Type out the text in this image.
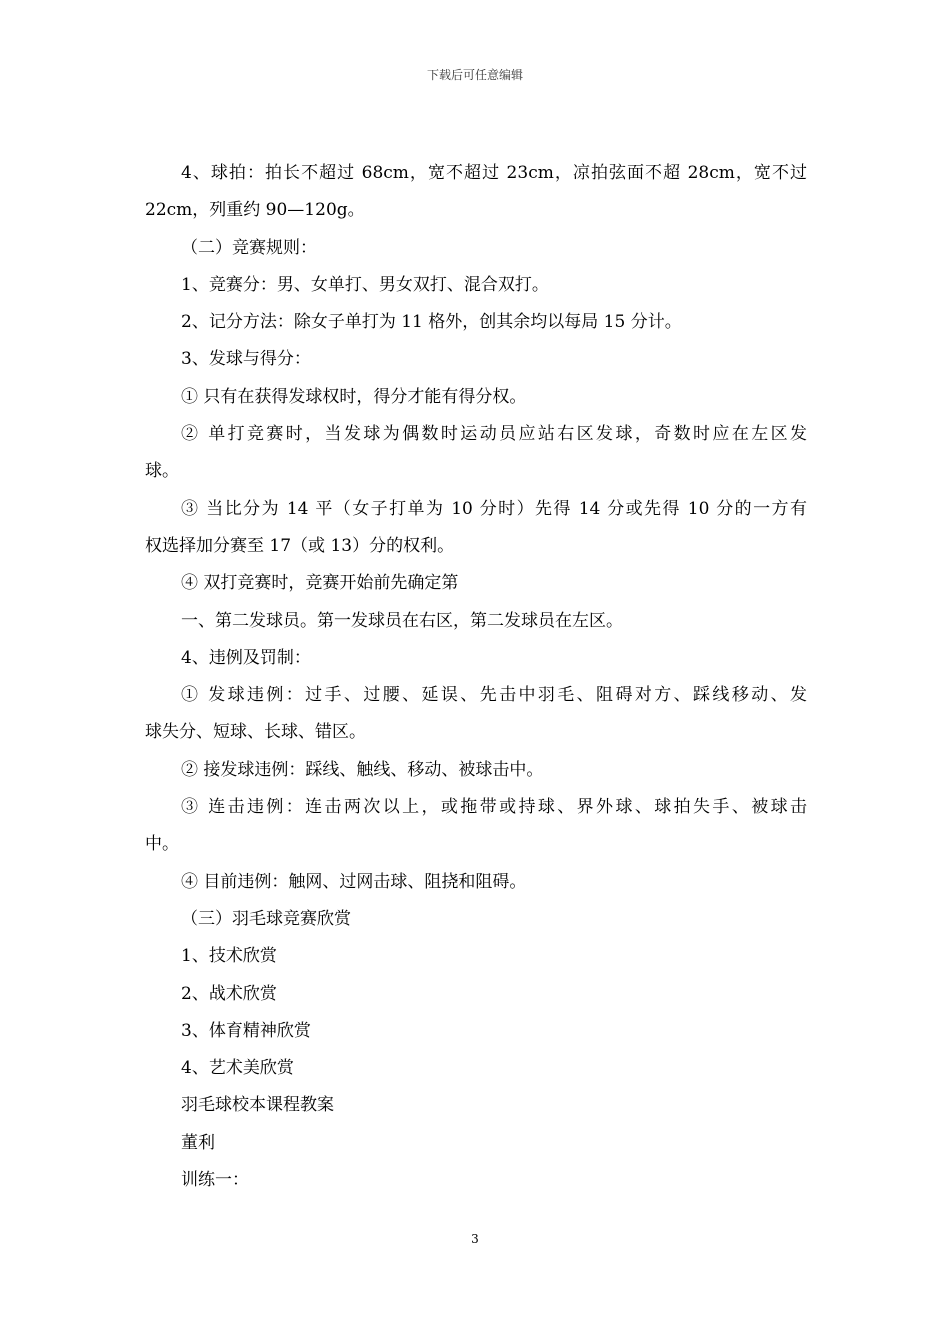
下载后可任意编辑
4、球拍：拍长不超过 68cm，宽不超过 23cm，凉拍弦面不超 28cm，宽不过
22cm，列重约 90—120g。
（二）竞赛规则：
1、竞赛分：男、女单打、男女双打、混合双打。
2、记分方法：除女子单打为 11 格外，创其余均以每局 15 分计。
3、发球与得分：
① 只有在获得发球权时，得分才能有得分权。
② 单打竞赛时，当发球为偶数时运动员应站右区发球，奇数时应在左区发
球。
③ 当比分为 14 平（女子打单为 10 分时）先得 14 分或先得 10 分的一方有
权选择加分赛至 17（或 13）分的权利。
④ 双打竞赛时，竞赛开始前先确定第
一、第二发球员。第一发球员在右区，第二发球员在左区。
4、违例及罚制：
① 发球违例：过手、过腰、延误、先击中羽毛、阻碍对方、踩线移动、发
球失分、短球、长球、错区。
② 接发球违例：踩线、触线、移动、被球击中。
③ 连击违例：连击两次以上，或拖带或持球、界外球、球拍失手、被球击
中。
④ 目前违例：触网、过网击球、阻挠和阻碍。
（三）羽毛球竞赛欣赏
1、技术欣赏
2、战术欣赏
3、体育精神欣赏
4、艺术美欣赏
羽毛球校本课程教案
董利
训练一：
3
